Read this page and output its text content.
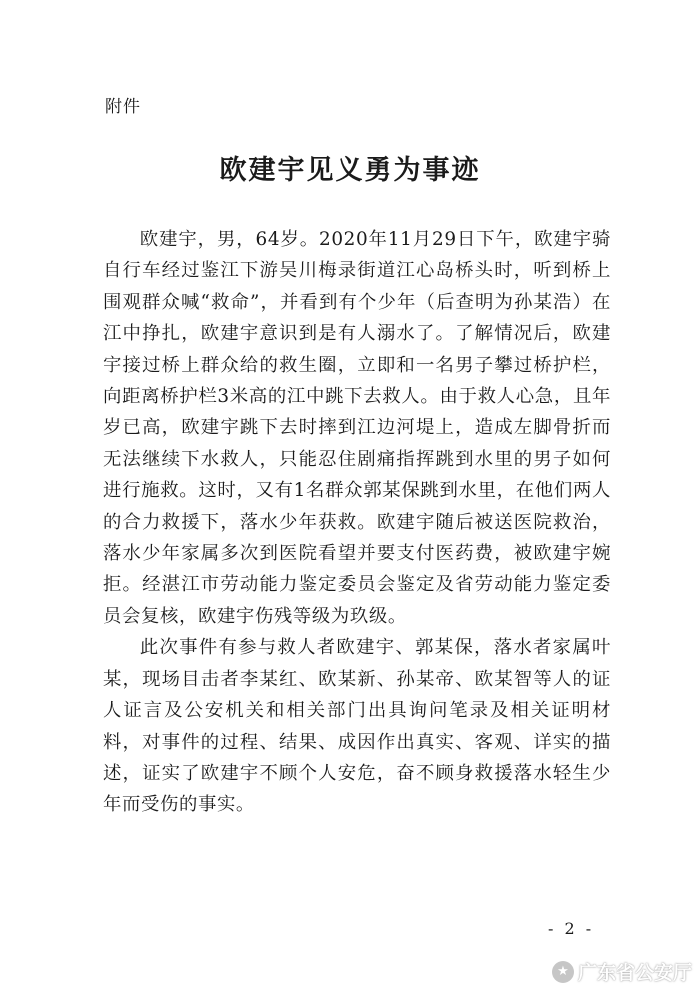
附件
欧建宇见义勇为事迹

欧建宇，男，64岁。2020年11月29日下午，欧建宇骑自行车经过鉴江下游吴川梅录街道江心岛桥头时，听到桥上围观群众喊“救命”，并看到有个少年（后查明为孙某浩）在江中挣扎，欧建宇意识到是有人溺水了。了解情况后，欧建宇接过桥上群众给的救生圈，立即和一名男子攀过桥护栏，向距离桥护栏3米高的江中跳下去救人。由于救人心急，且年岁已高，欧建宇跳下去时摔到江边河堤上，造成左脚骨折而无法继续下水救人，只能忍住剧痛指挥跳到水里的男子如何进行施救。这时，又有1名群众郭某保跳到水里，在他们两人的合力救援下，落水少年获救。欧建宇随后被送医院救治，落水少年家属多次到医院看望并要支付医药费，被欧建宇婉拒。经湛江市劳动能力鉴定委员会鉴定及省劳动能力鉴定委员会复核，欧建宇伤残等级为玖级。

此次事件有参与救人者欧建宇、郭某保，落水者家属叶某，现场目击者李某红、欧某新、孙某帝、欧某智等人的证人证言及公安机关和相关部门出具询问笔录及相关证明材料，对事件的过程、结果、成因作出真实、客观、详实的描述，证实了欧建宇不顾个人安危，奋不顾身救援落水轻生少年而受伤的事实。

- 2 -
★ 广东省公安厅
